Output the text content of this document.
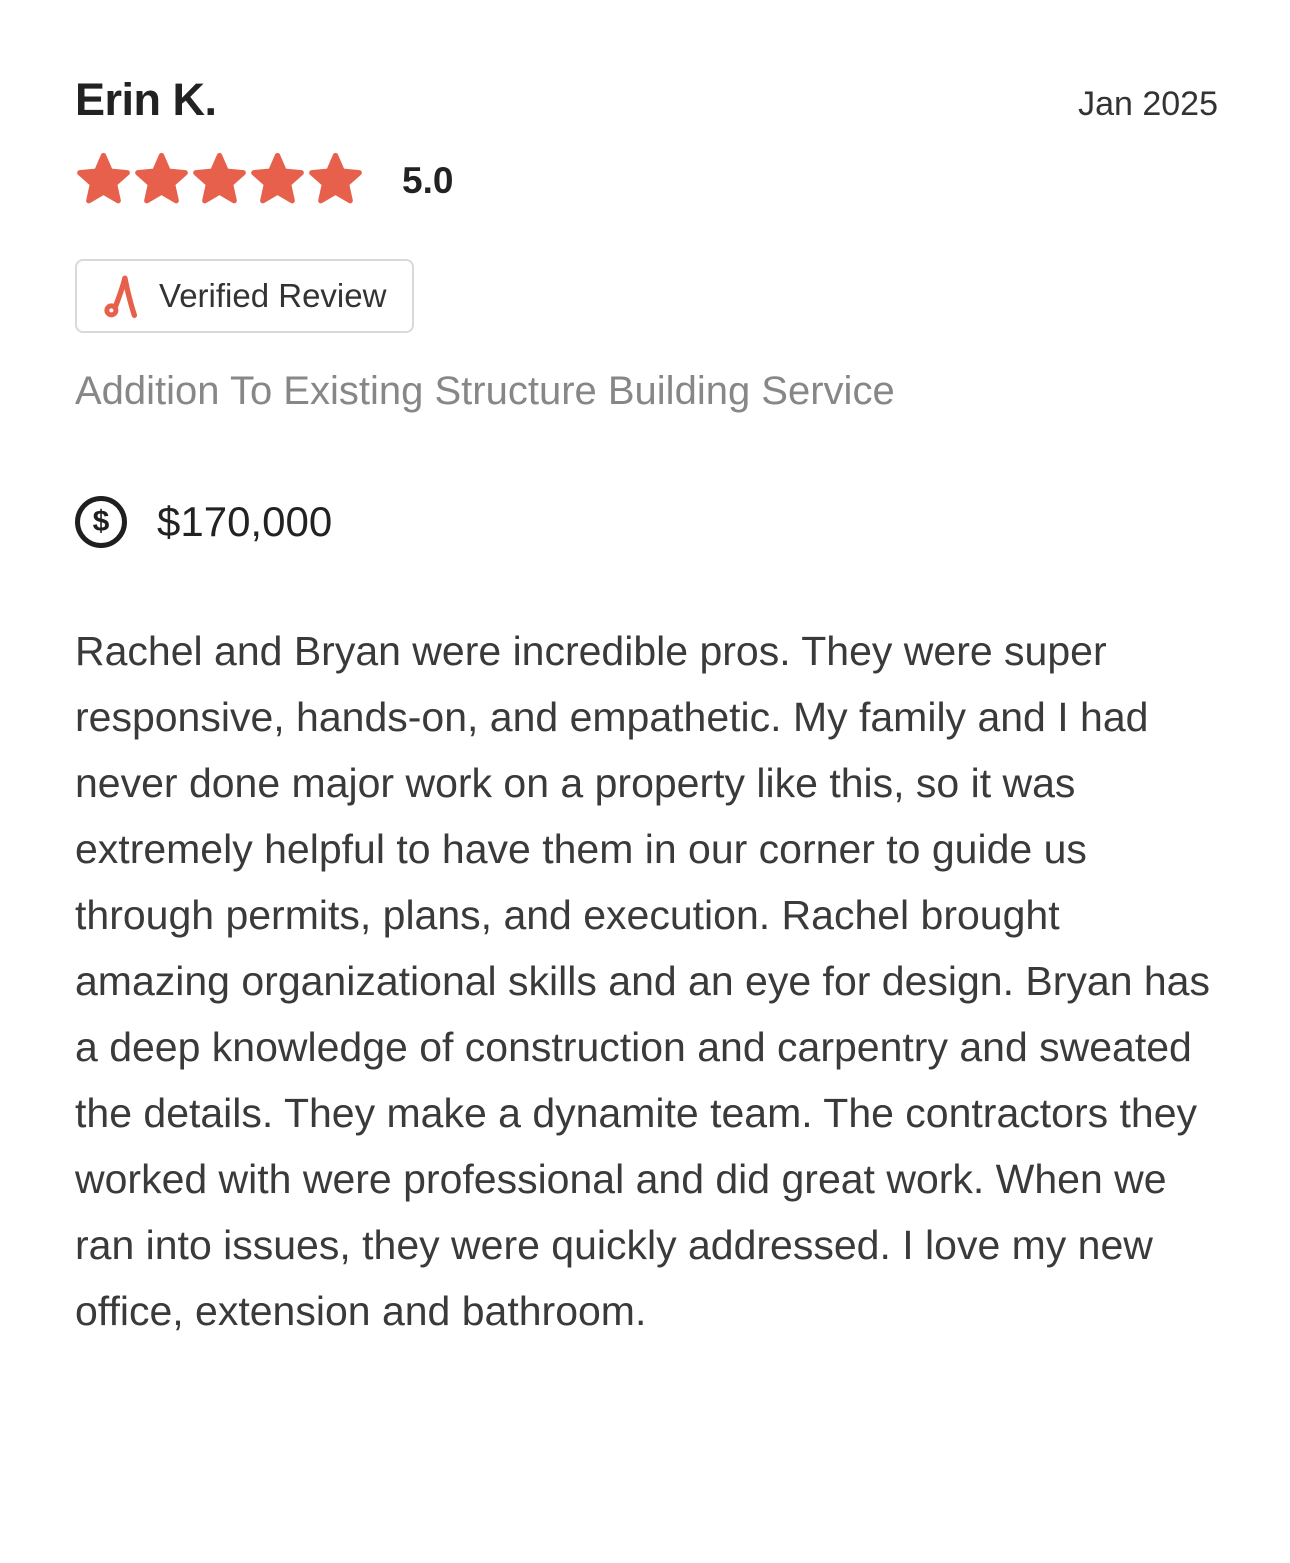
Erin K.	Jan 2025
5.0
Verified Review
Addition To Existing Structure Building Service
$ $170,000

Rachel and Bryan were incredible pros. They were super responsive, hands-on, and empathetic. My family and I had never done major work on a property like this, so it was extremely helpful to have them in our corner to guide us through permits, plans, and execution. Rachel brought amazing organizational skills and an eye for design. Bryan has a deep knowledge of construction and carpentry and sweated the details. They make a dynamite team. The contractors they worked with were professional and did great work. When we ran into issues, they were quickly addressed. I love my new office, extension and bathroom.
